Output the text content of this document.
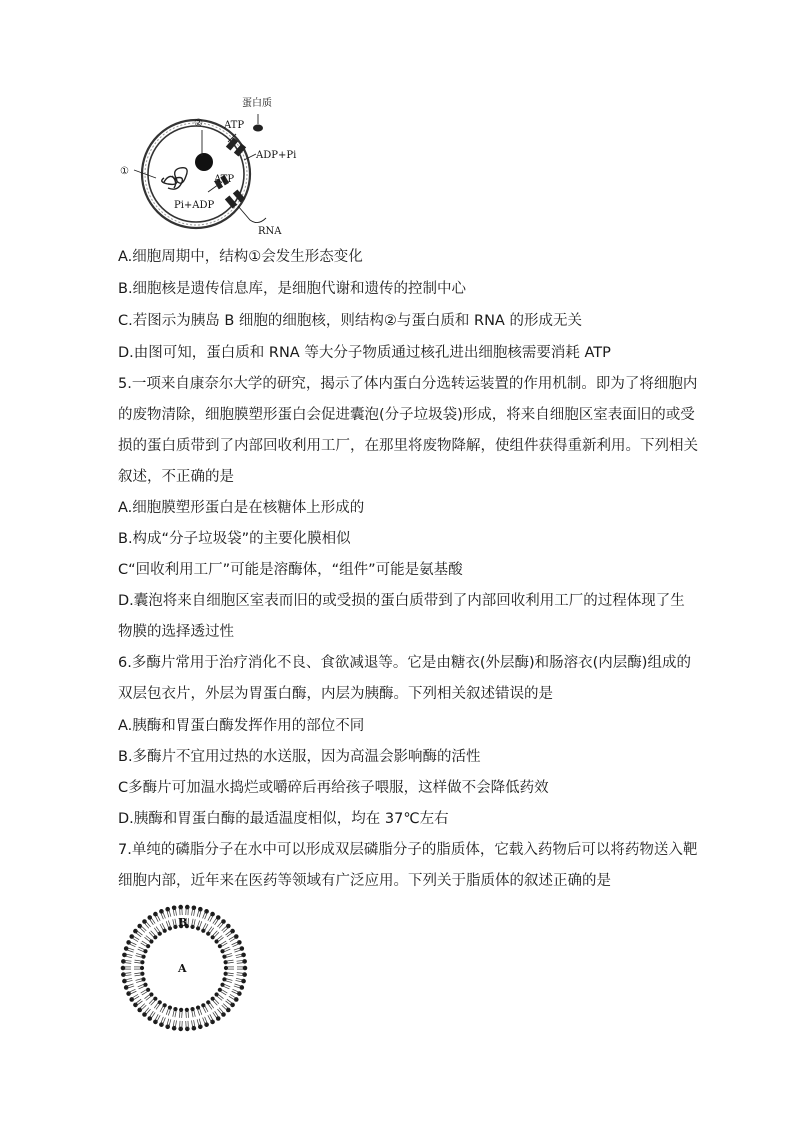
蛋白质
②
①
ATP
ADP+Pi
ATP
Pi+ADP
RNA
A.细胞周期中，结构①会发生形态变化
B.细胞核是遗传信息库，是细胞代谢和遗传的控制中心
C.若图示为胰岛 B 细胞的细胞核，则结构②与蛋白质和 RNA 的形成无关
D.由图可知，蛋白质和 RNA 等大分子物质通过核孔进出细胞核需要消耗 ATP
5.一项来自康奈尔大学的研究，揭示了体内蛋白分选转运装置的作用机制。即为了将细胞内
的废物清除，细胞膜塑形蛋白会促进囊泡(分子垃圾袋)形成，将来自细胞区室表面旧的或受
损的蛋白质带到了内部回收利用工厂，在那里将废物降解，使组件获得重新利用。下列相关
叙述，不正确的是
A.细胞膜塑形蛋白是在核糖体上形成的
B.构成“分子垃圾袋”的主要化膜相似
C“回收利用工厂”可能是溶酶体，“组件”可能是氨基酸
D.囊泡将来自细胞区室表而旧的或受损的蛋白质带到了内部回收利用工厂的过程体现了生
物膜的选择透过性
6.多酶片常用于治疗消化不良、食欲减退等。它是由糖衣(外层酶)和肠溶衣(内层酶)组成的
双层包衣片，外层为胃蛋白酶，内层为胰酶。下列相关叙述错误的是
A.胰酶和胃蛋白酶发挥作用的部位不同
B.多酶片不宜用过热的水送服，因为高温会影响酶的活性
C多酶片可加温水捣烂或嚼碎后再给孩子喂服，这样做不会降低药效
D.胰酶和胃蛋白酶的最适温度相似，均在 37℃左右
7.单纯的磷脂分子在水中可以形成双层磷脂分子的脂质体，它载入药物后可以将药物送入靶
细胞内部，近年来在医药等领域有广泛应用。下列关于脂质体的叙述正确的是
B
A
